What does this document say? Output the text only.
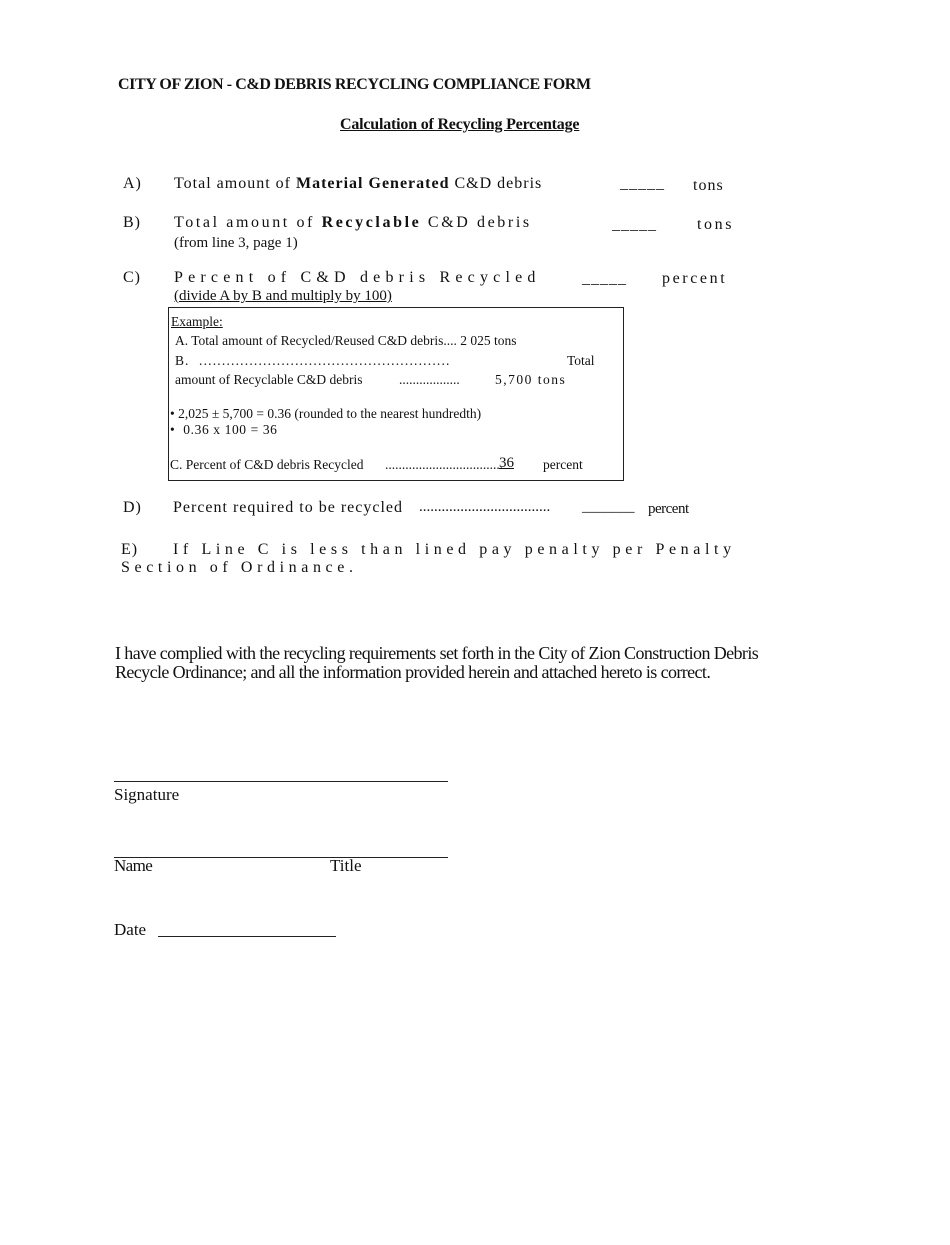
CITY OF ZION - C&D DEBRIS RECYCLING COMPLIANCE FORM
Calculation of Recycling Percentage
A) Total amount of Material Generated C&D debris	_____ tons
B) Total amount of Recyclable C&D debris
(from line 3, page 1)
_____	tons
C) Percent of C&D debris Recycled
(divide A by B and multiply by 100)
_____ percent
Example:
A. Total amount of Recycled/Reused C&D debris.... 2 025 tons
B. .......................................................	Total
amount of Recyclable C&D debris	..................	5,700 tons
• 2,025 ± 5,700 = 0.36 (rounded to the nearest hundredth)
•  0.36 x 100 = 36
C. Percent of C&D debris Recycled ...................................
36 percent
D) Percent required to be recycled ................................... _______ percent
E) If Line C is less than lined pay penalty per Penalty
Section of Ordinance.
I have complied with the recycling requirements set forth in the City of Zion Construction Debris Recycle Ordinance; and all the information provided herein and attached hereto is correct.
Signature
Name	Title
Date
